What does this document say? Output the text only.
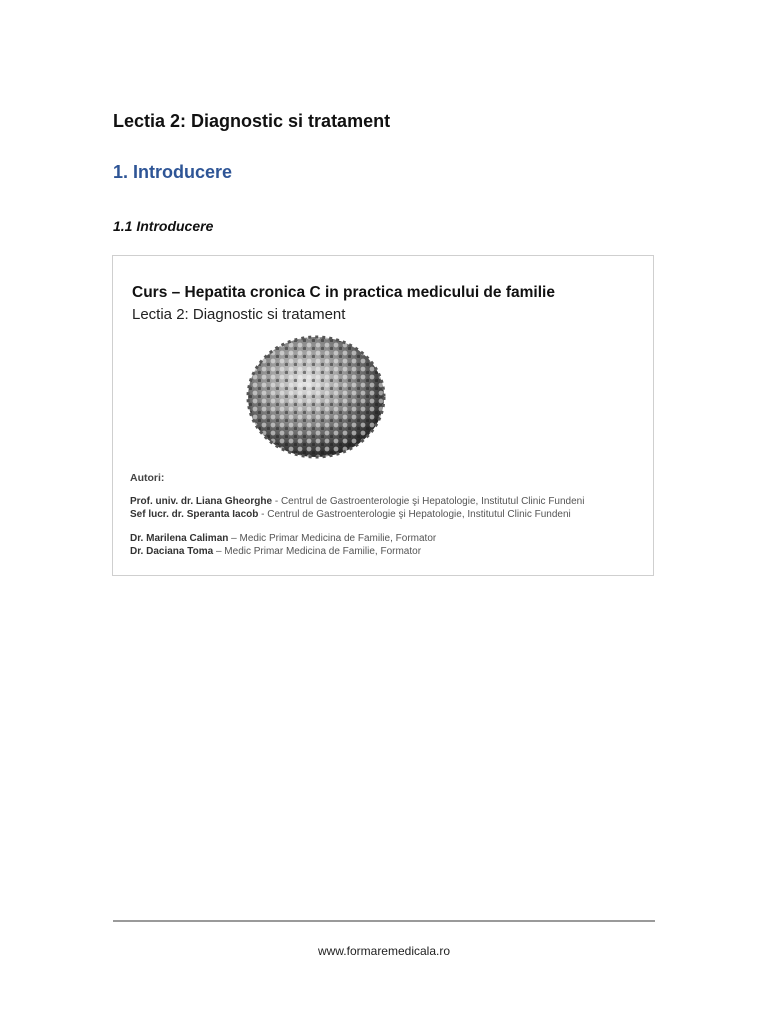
Lectia 2: Diagnostic si tratament
1. Introducere
1.1 Introducere
Curs – Hepatita cronica C in practica medicului de familie
Lectia 2: Diagnostic si tratament
Autori:
Prof. univ. dr. Liana Gheorghe - Centrul de Gastroenterologie şi Hepatologie, Institutul Clinic Fundeni
Sef lucr. dr. Speranta Iacob - Centrul de Gastroenterologie şi Hepatologie, Institutul Clinic Fundeni
Dr. Marilena Caliman – Medic Primar Medicina de Familie, Formator
Dr. Daciana Toma – Medic Primar Medicina de Familie, Formator
www.formaremedicala.ro
